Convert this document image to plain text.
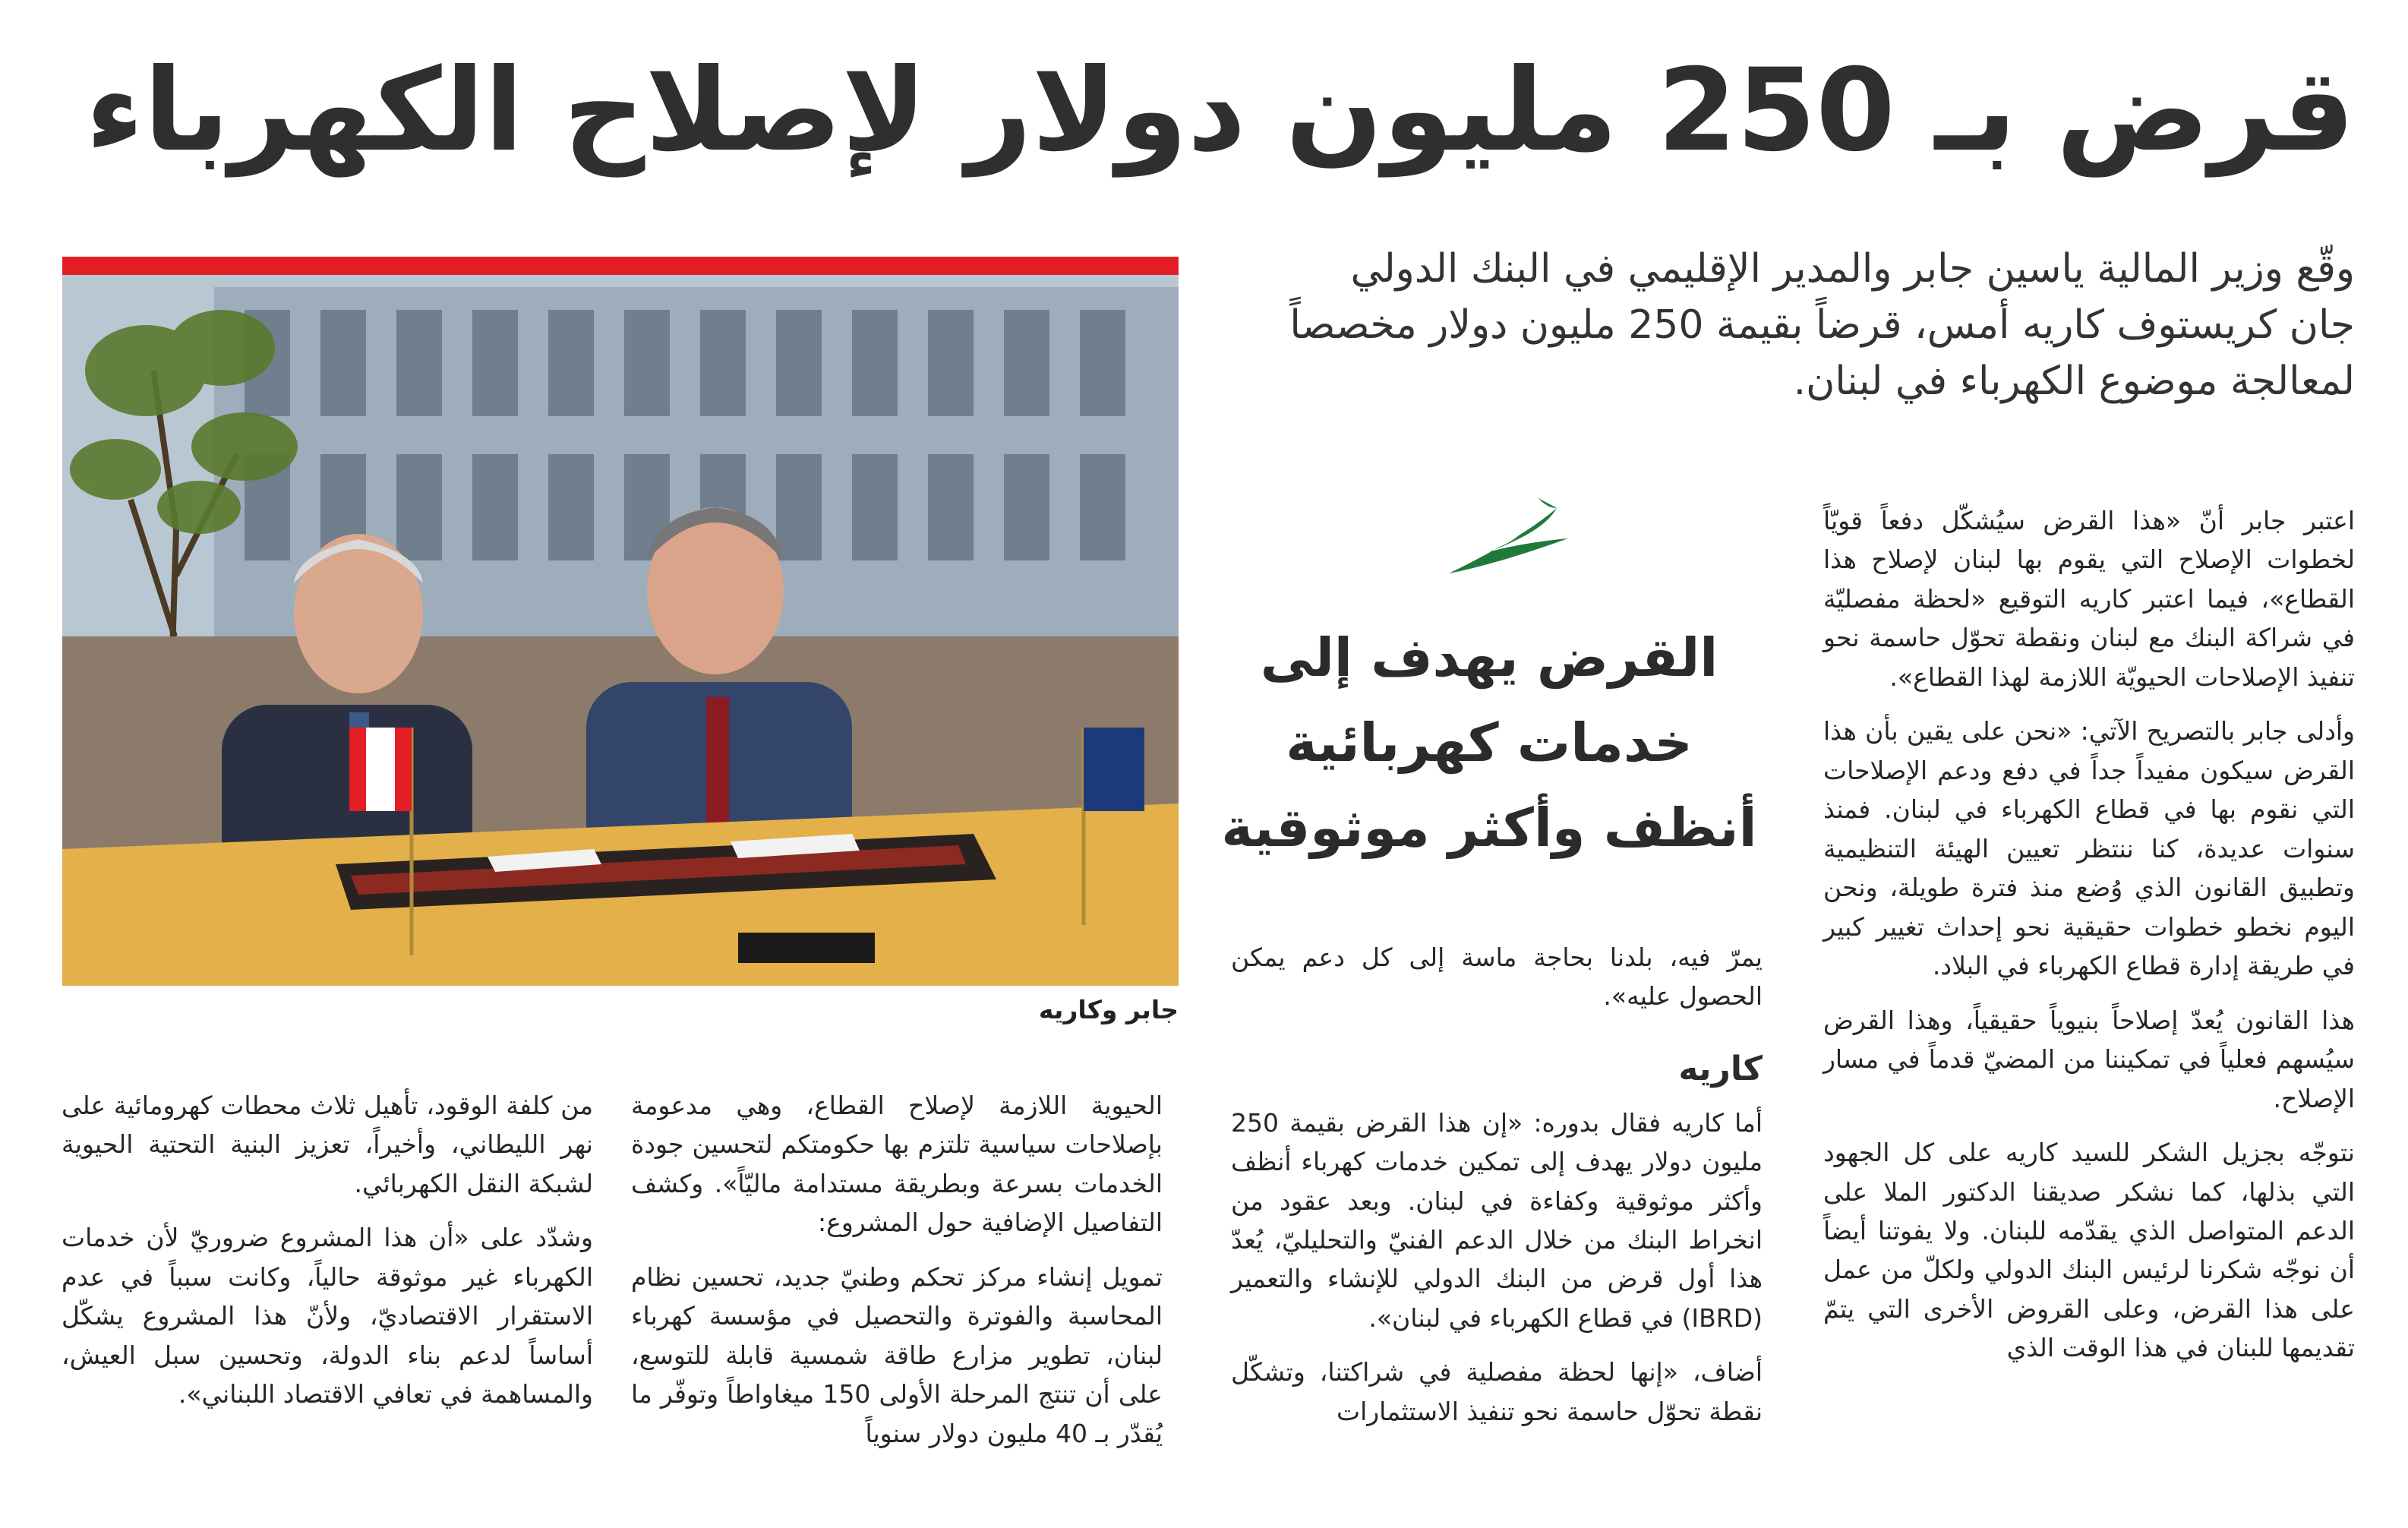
قرض بـ 250 مليون دولار لإصلاح الكهرباء

وقّع وزير المالية ياسين جابر والمدير الإقليمي في البنك الدولي جان كريستوف كاريه أمس، قرضاً بقيمة 250 مليون دولار مخصصاً لمعالجة موضوع الكهرباء في لبنان.

اعتبر جابر أنّ «هذا القرض سيُشكّل دفعاً قويّاً لخطوات الإصلاح التي يقوم بها لبنان لإصلاح هذا القطاع»، فيما اعتبر كاريه التوقيع «لحظة مفصليّة في شراكة البنك مع لبنان ونقطة تحوّل حاسمة نحو تنفيذ الإصلاحات الحيويّة اللازمة لهذا القطاع».

وأدلى جابر بالتصريح الآتي: «نحن على يقين بأن هذا القرض سيكون مفيداً جداً في دفع ودعم الإصلاحات التي نقوم بها في قطاع الكهرباء في لبنان. فمنذ سنوات عديدة، كنا ننتظر تعيين الهيئة التنظيمية وتطبيق القانون الذي وُضع منذ فترة طويلة، ونحن اليوم نخطو خطوات حقيقية نحو إحداث تغيير كبير في طريقة إدارة قطاع الكهرباء في البلاد.

هذا القانون يُعدّ إصلاحاً بنيوياً حقيقياً، وهذا القرض سيُسهم فعلياً في تمكيننا من المضيّ قدماً في مسار الإصلاح.

نتوجّه بجزيل الشكر للسيد كاريه على كل الجهود التي بذلها، كما نشكر صديقنا الدكتور الملا على الدعم المتواصل الذي يقدّمه للبنان. ولا يفوتنا أيضاً أن نوجّه شكرنا لرئيس البنك الدولي ولكلّ من عمل على هذا القرض، وعلى القروض الأخرى التي يتمّ تقديمها للبنان في هذا الوقت الذي

القرض يهدف إلى خدمات كهربائية أنظف وأكثر موثوقية

يمرّ فيه، بلدنا بحاجة ماسة إلى كل دعم يمكن الحصول عليه».

كاريه

أما كاريه فقال بدوره: «إن هذا القرض بقيمة 250 مليون دولار يهدف إلى تمكين خدمات كهرباء أنظف وأكثر موثوقية وكفاءة في لبنان. وبعد عقود من انخراط البنك من خلال الدعم الفنيّ والتحليليّ، يُعدّ هذا أول قرض من البنك الدولي للإنشاء والتعمير (IBRD) في قطاع الكهرباء في لبنان».

أضاف، «إنها لحظة مفصلية في شراكتنا، وتشكّل نقطة تحوّل حاسمة نحو تنفيذ الاستثمارات

جابر وكاريه

الحيوية اللازمة لإصلاح القطاع، وهي مدعومة بإصلاحات سياسية تلتزم بها حكومتكم لتحسين جودة الخدمات بسرعة وبطريقة مستدامة ماليّاً». وكشف التفاصيل الإضافية حول المشروع:

تمويل إنشاء مركز تحكم وطنيّ جديد، تحسين نظام المحاسبة والفوترة والتحصيل في مؤسسة كهرباء لبنان، تطوير مزارع طاقة شمسية قابلة للتوسع، على أن تنتج المرحلة الأولى 150 ميغاواطاً وتوفّر ما يُقدّر بـ 40 مليون دولار سنوياً

من كلفة الوقود، تأهيل ثلاث محطات كهرومائية على نهر الليطاني، وأخيراً، تعزيز البنية التحتية الحيوية لشبكة النقل الكهربائي.

وشدّد على «أن هذا المشروع ضروريّ لأن خدمات الكهرباء غير موثوقة حالياً، وكانت سبباً في عدم الاستقرار الاقتصاديّ، ولأنّ هذا المشروع يشكّل أساساً لدعم بناء الدولة، وتحسين سبل العيش، والمساهمة في تعافي الاقتصاد اللبناني».
